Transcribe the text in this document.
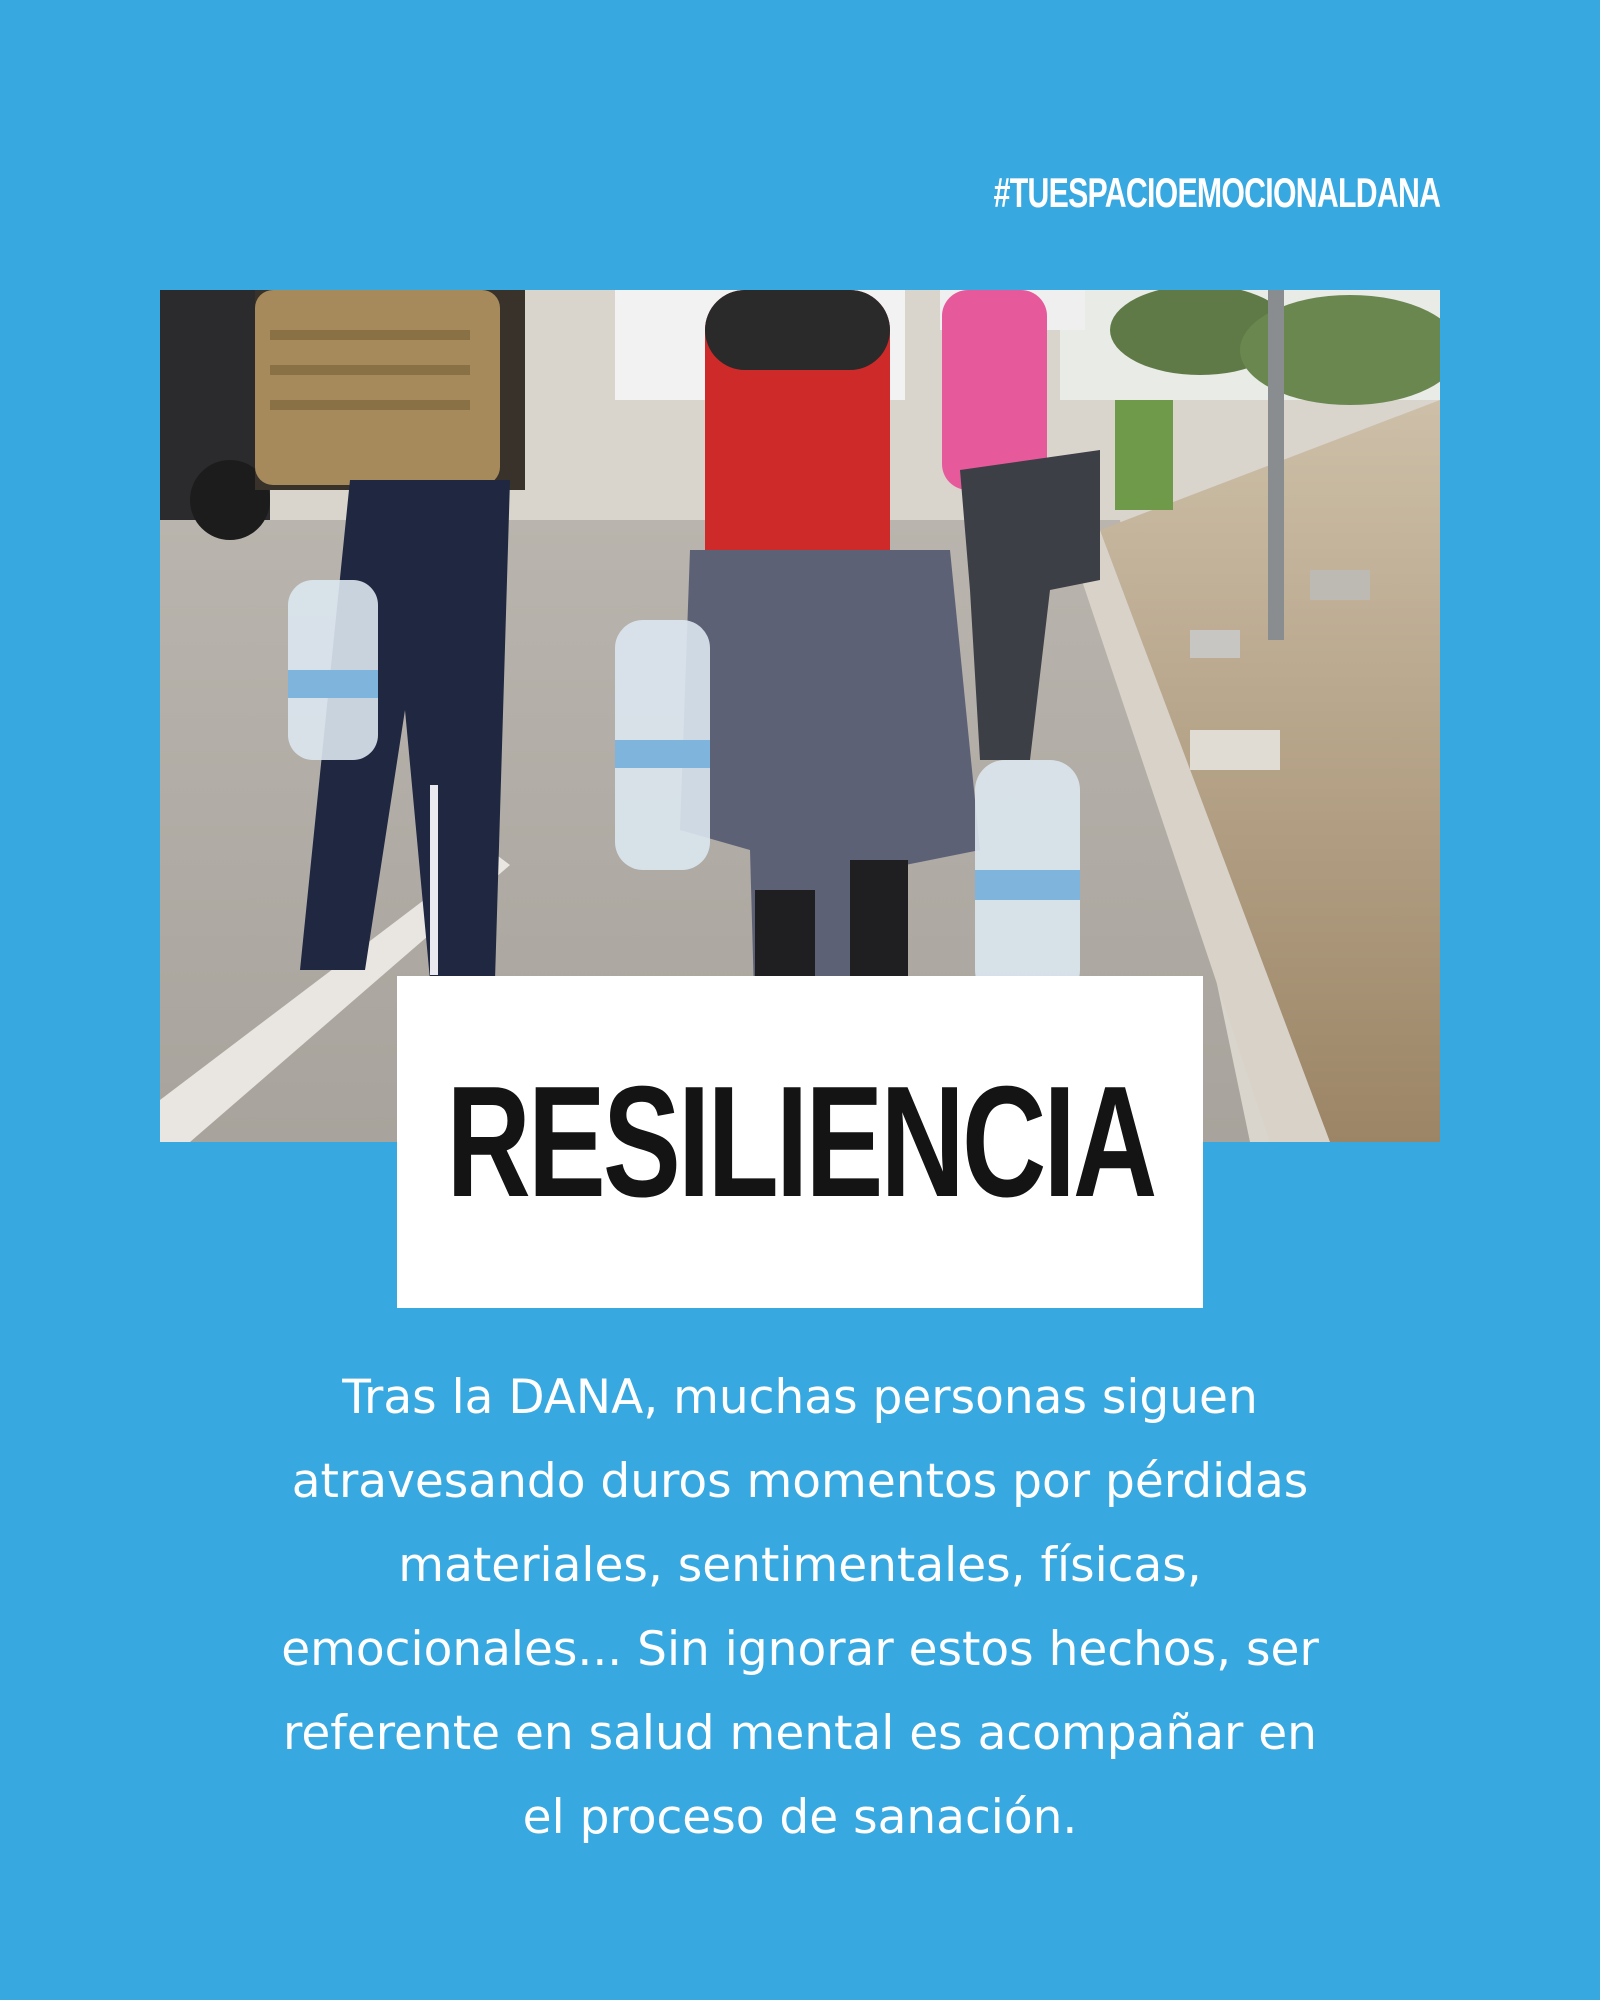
#TUESPACIOEMOCIONALDANA
RESILIENCIA
Tras la DANA, muchas personas siguen
atravesando duros momentos por pérdidas
materiales, sentimentales, físicas,
emocionales... Sin ignorar estos hechos, ser
referente en salud mental es acompañar en
el proceso de sanación.
